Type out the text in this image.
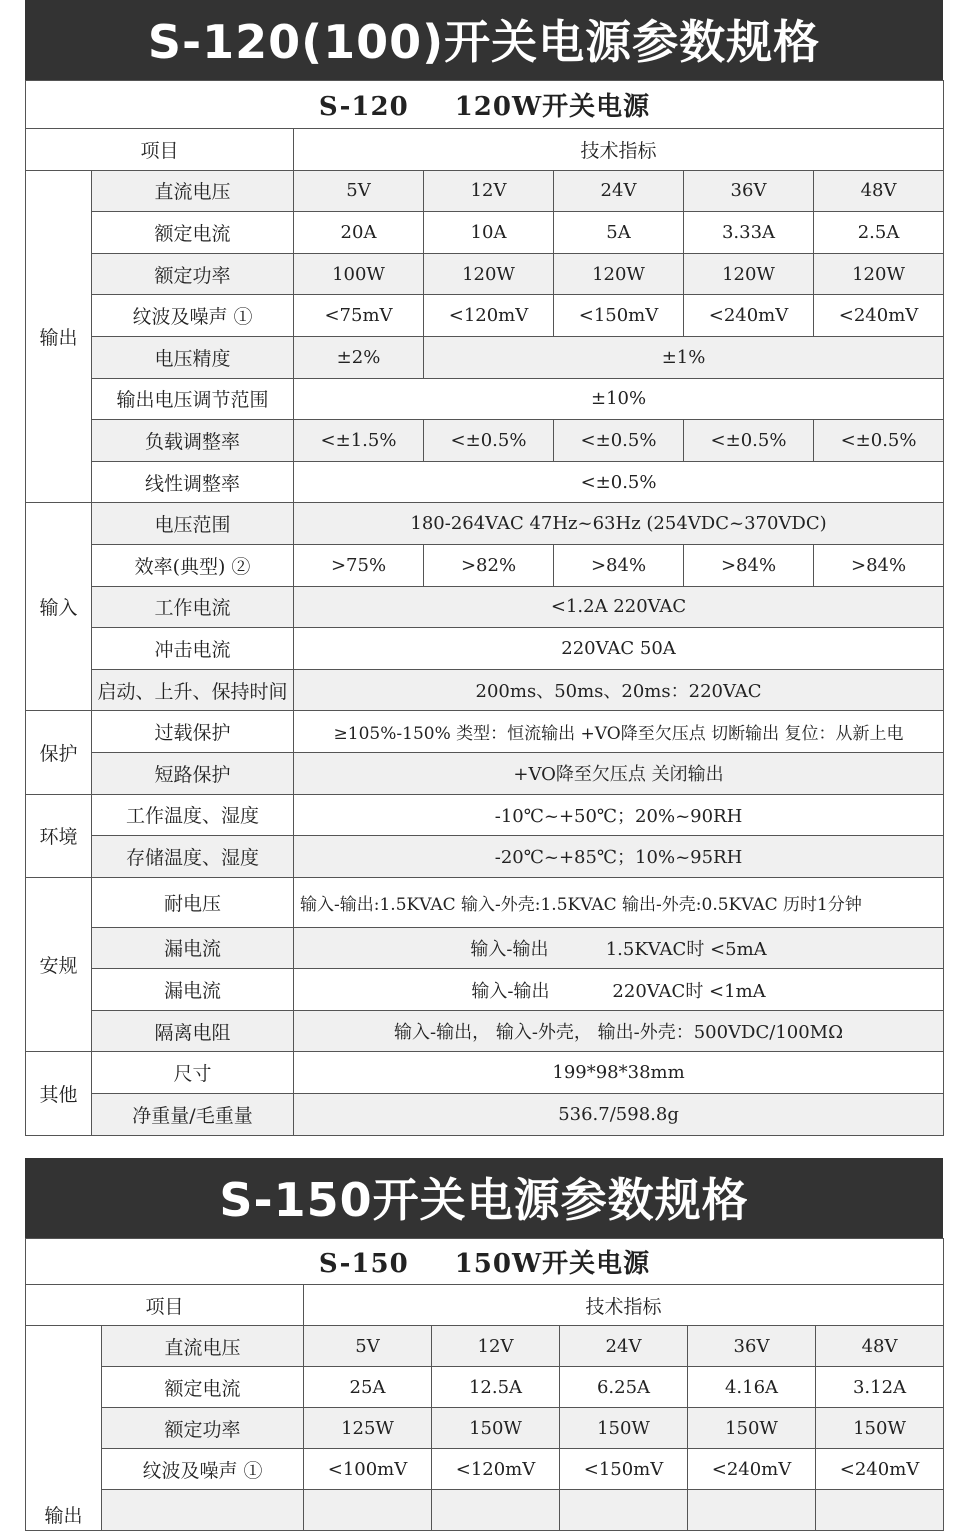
S-120(100)开关电源参数规格
S-120 120W开关电源						
项目		技术指标				
输出	直流电压	5V	12V	24V	36V	48V
	额定电流	20A	10A	5A	3.33A	2.5A
	额定功率	100W	120W	120W	120W	120W
	纹波及噪声 ①	<75mV	<120mV	<150mV	<240mV	<240mV
	电压精度	±2%	±1%			
	输出电压调节范围	±10%				
	负载调整率	<±1.5%	<±0.5%	<±0.5%	<±0.5%	<±0.5%
	线性调整率	<±0.5%				
输入	电压范围	180-264VAC 47Hz~63Hz (254VDC~370VDC)				
	效率(典型) ②	>75%	>82%	>84%	>84%	>84%
	工作电流	<1.2A 220VAC				
	冲击电流	220VAC 50A				
	启动、上升、保持时间	200ms、50ms、20ms：220VAC				
保护	过载保护	≥105%-150% 类型：恒流输出 +VO降至欠压点 切断输出 复位：从新上电				
	短路保护	+VO降至欠压点 关闭输出				
环境	工作温度、湿度	-10℃~+50℃；20%~90RH				
	存储温度、湿度	-20℃~+85℃；10%~95RH				
安规	耐电压	输入-输出:1.5KVAC 输入-外壳:1.5KVAC 输出-外壳:0.5KVAC 历时1分钟				
	漏电流	输入-输出          1.5KVAC时 <5mA				
	漏电流	输入-输出           220VAC时 <1mA				
	隔离电阻	输入-输出， 输入-外壳， 输出-外壳：500VDC/100MΩ				
其他	尺寸	199*98*38mm				
	净重量/毛重量	536.7/598.8g				
S-150开关电源参数规格
S-150 150W开关电源						
项目		技术指标				
输出	直流电压	5V	12V	24V	36V	48V
	额定电流	25A	12.5A	6.25A	4.16A	3.12A
	额定功率	125W	150W	150W	150W	150W
	纹波及噪声 ①	<100mV	<120mV	<150mV	<240mV	<240mV
